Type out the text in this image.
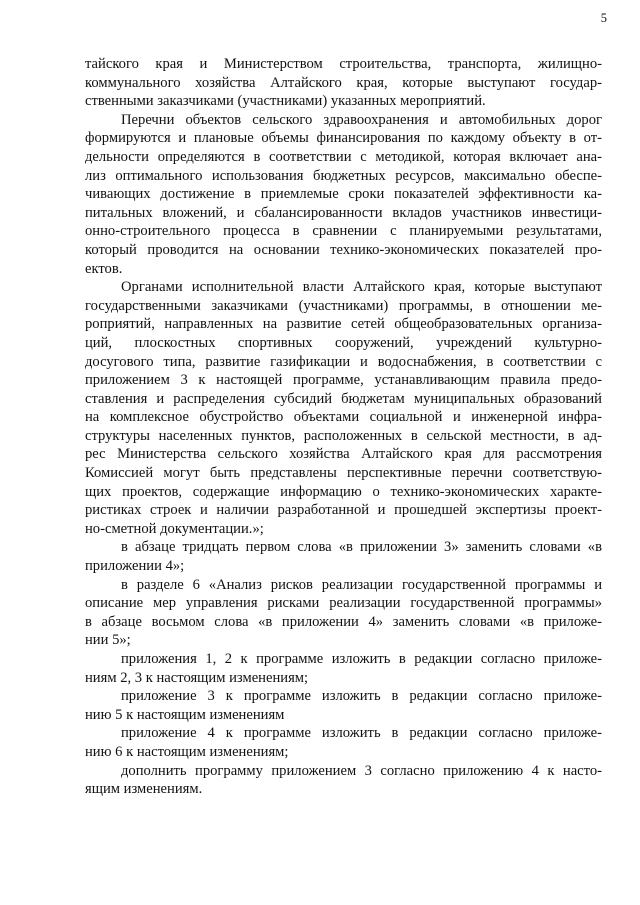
5
тайского края и Министерством строительства, транспорта, жилищно-
коммунального хозяйства Алтайского края, которые выступают государ-
ственными заказчиками (участниками) указанных мероприятий.
Перечни объектов сельского здравоохранения и автомобильных дорог
формируются и плановые объемы финансирования по каждому объекту в от-
дельности определяются в соответствии с методикой, которая включает ана-
лиз оптимального использования бюджетных ресурсов, максимально обеспе-
чивающих достижение в приемлемые сроки показателей эффективности ка-
питальных вложений, и сбалансированности вкладов участников инвестици-
онно-строительного процесса в сравнении с планируемыми результатами,
который проводится на основании технико-экономических показателей про-
ектов.
Органами исполнительной власти Алтайского края, которые выступают
государственными заказчиками (участниками) программы, в отношении ме-
роприятий, направленных на развитие сетей общеобразовательных организа-
ций, плоскостных спортивных сооружений, учреждений культурно-
досугового типа, развитие газификации и водоснабжения, в соответствии с
приложением 3 к настоящей программе, устанавливающим правила предо-
ставления и распределения субсидий бюджетам муниципальных образований
на комплексное обустройство объектами социальной и инженерной инфра-
структуры населенных пунктов, расположенных в сельской местности, в ад-
рес Министерства сельского хозяйства Алтайского края для рассмотрения
Комиссией могут быть представлены перспективные перечни соответствую-
щих проектов, содержащие информацию о технико-экономических характе-
ристиках строек и наличии разработанной и прошедшей экспертизы проект-
но-сметной документации.»;
в абзаце тридцать первом слова «в приложении 3» заменить словами «в
приложении 4»;
в разделе 6 «Анализ рисков реализации государственной программы и
описание мер управления рисками реализации государственной программы»
в абзаце восьмом слова «в приложении 4» заменить словами «в приложе-
нии 5»;
приложения 1, 2 к программе изложить в редакции согласно приложе-
ниям 2, 3 к настоящим изменениям;
приложение 3 к программе изложить в редакции согласно приложе-
нию 5 к настоящим изменениям
приложение 4 к программе изложить в редакции согласно приложе-
нию 6 к настоящим изменениям;
дополнить программу приложением 3 согласно приложению 4 к насто-
ящим изменениям.
